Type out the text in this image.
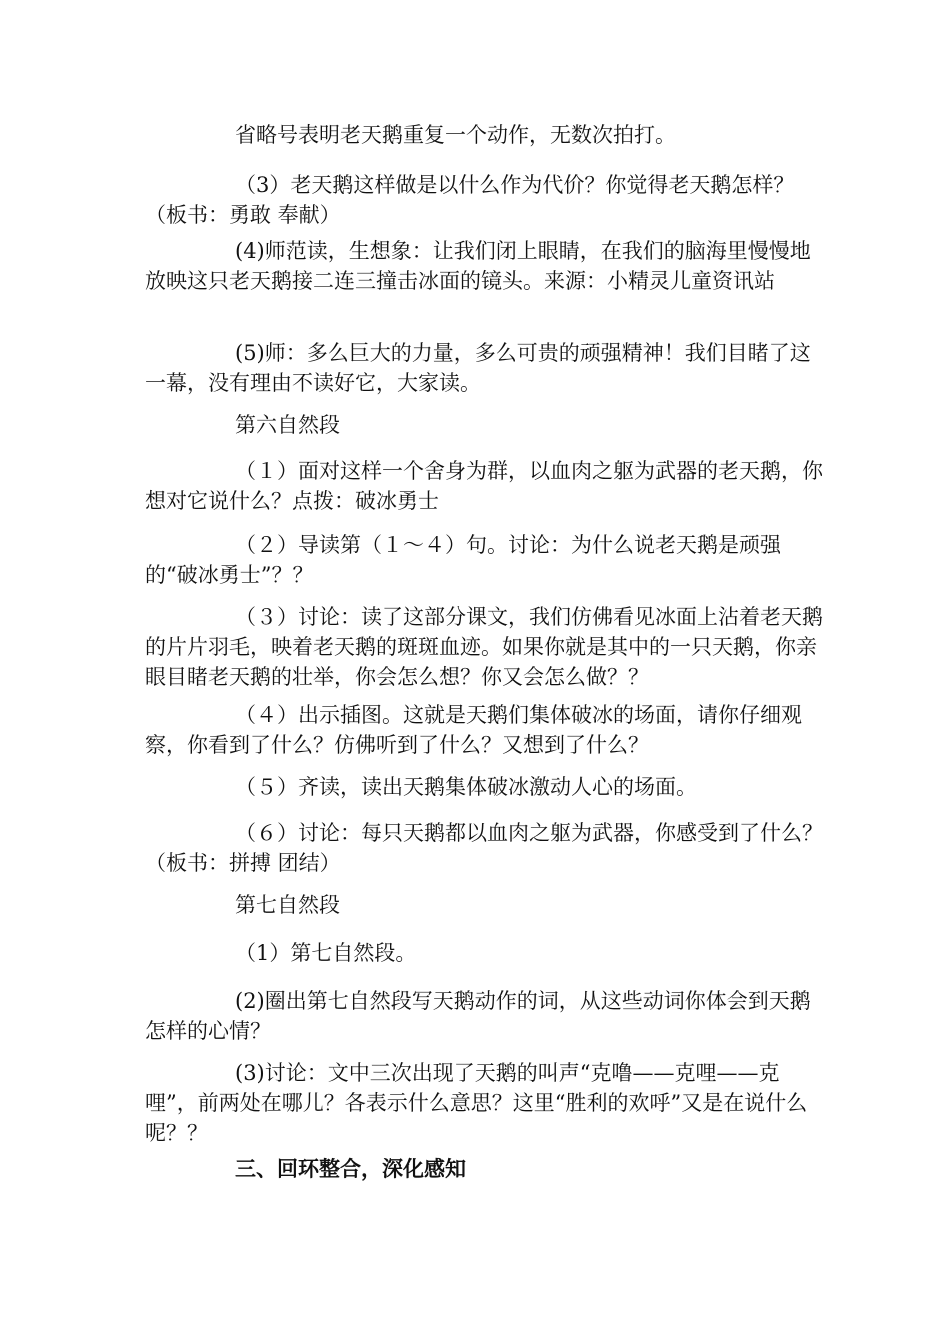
省略号表明老天鹅重复一个动作，无数次拍打。

（3）老天鹅这样做是以什么作为代价？你觉得老天鹅怎样？（板书：勇敢 奉献）

(4)师范读，生想象：让我们闭上眼睛，在我们的脑海里慢慢地放映这只老天鹅接二连三撞击冰面的镜头。来源：小精灵儿童资讯站

(5)师：多么巨大的力量，多么可贵的顽强精神！我们目睹了这一幕，没有理由不读好它，大家读。

第六自然段

（１）面对这样一个舍身为群，以血肉之躯为武器的老天鹅，你想对它说什么？点拨：破冰勇士

（２）导读第（１～４）句。讨论：为什么说老天鹅是顽强的“破冰勇士”？？

（３）讨论：读了这部分课文，我们仿佛看见冰面上沾着老天鹅的片片羽毛，映着老天鹅的斑斑血迹。如果你就是其中的一只天鹅，你亲眼目睹老天鹅的壮举，你会怎么想？你又会怎么做？？

（４）出示插图。这就是天鹅们集体破冰的场面，请你仔细观察，你看到了什么？仿佛听到了什么？又想到了什么？

（５）齐读，读出天鹅集体破冰激动人心的场面。

（６）讨论：每只天鹅都以血肉之躯为武器，你感受到了什么？（板书：拼搏 团结）

第七自然段

（1）第七自然段。

(2)圈出第七自然段写天鹅动作的词，从这些动词你体会到天鹅怎样的心情？

(3)讨论：文中三次出现了天鹅的叫声“克噜——克哩——克哩”，前两处在哪儿？各表示什么意思？这里“胜利的欢呼”又是在说什么呢？？

三、回环整合，深化感知
